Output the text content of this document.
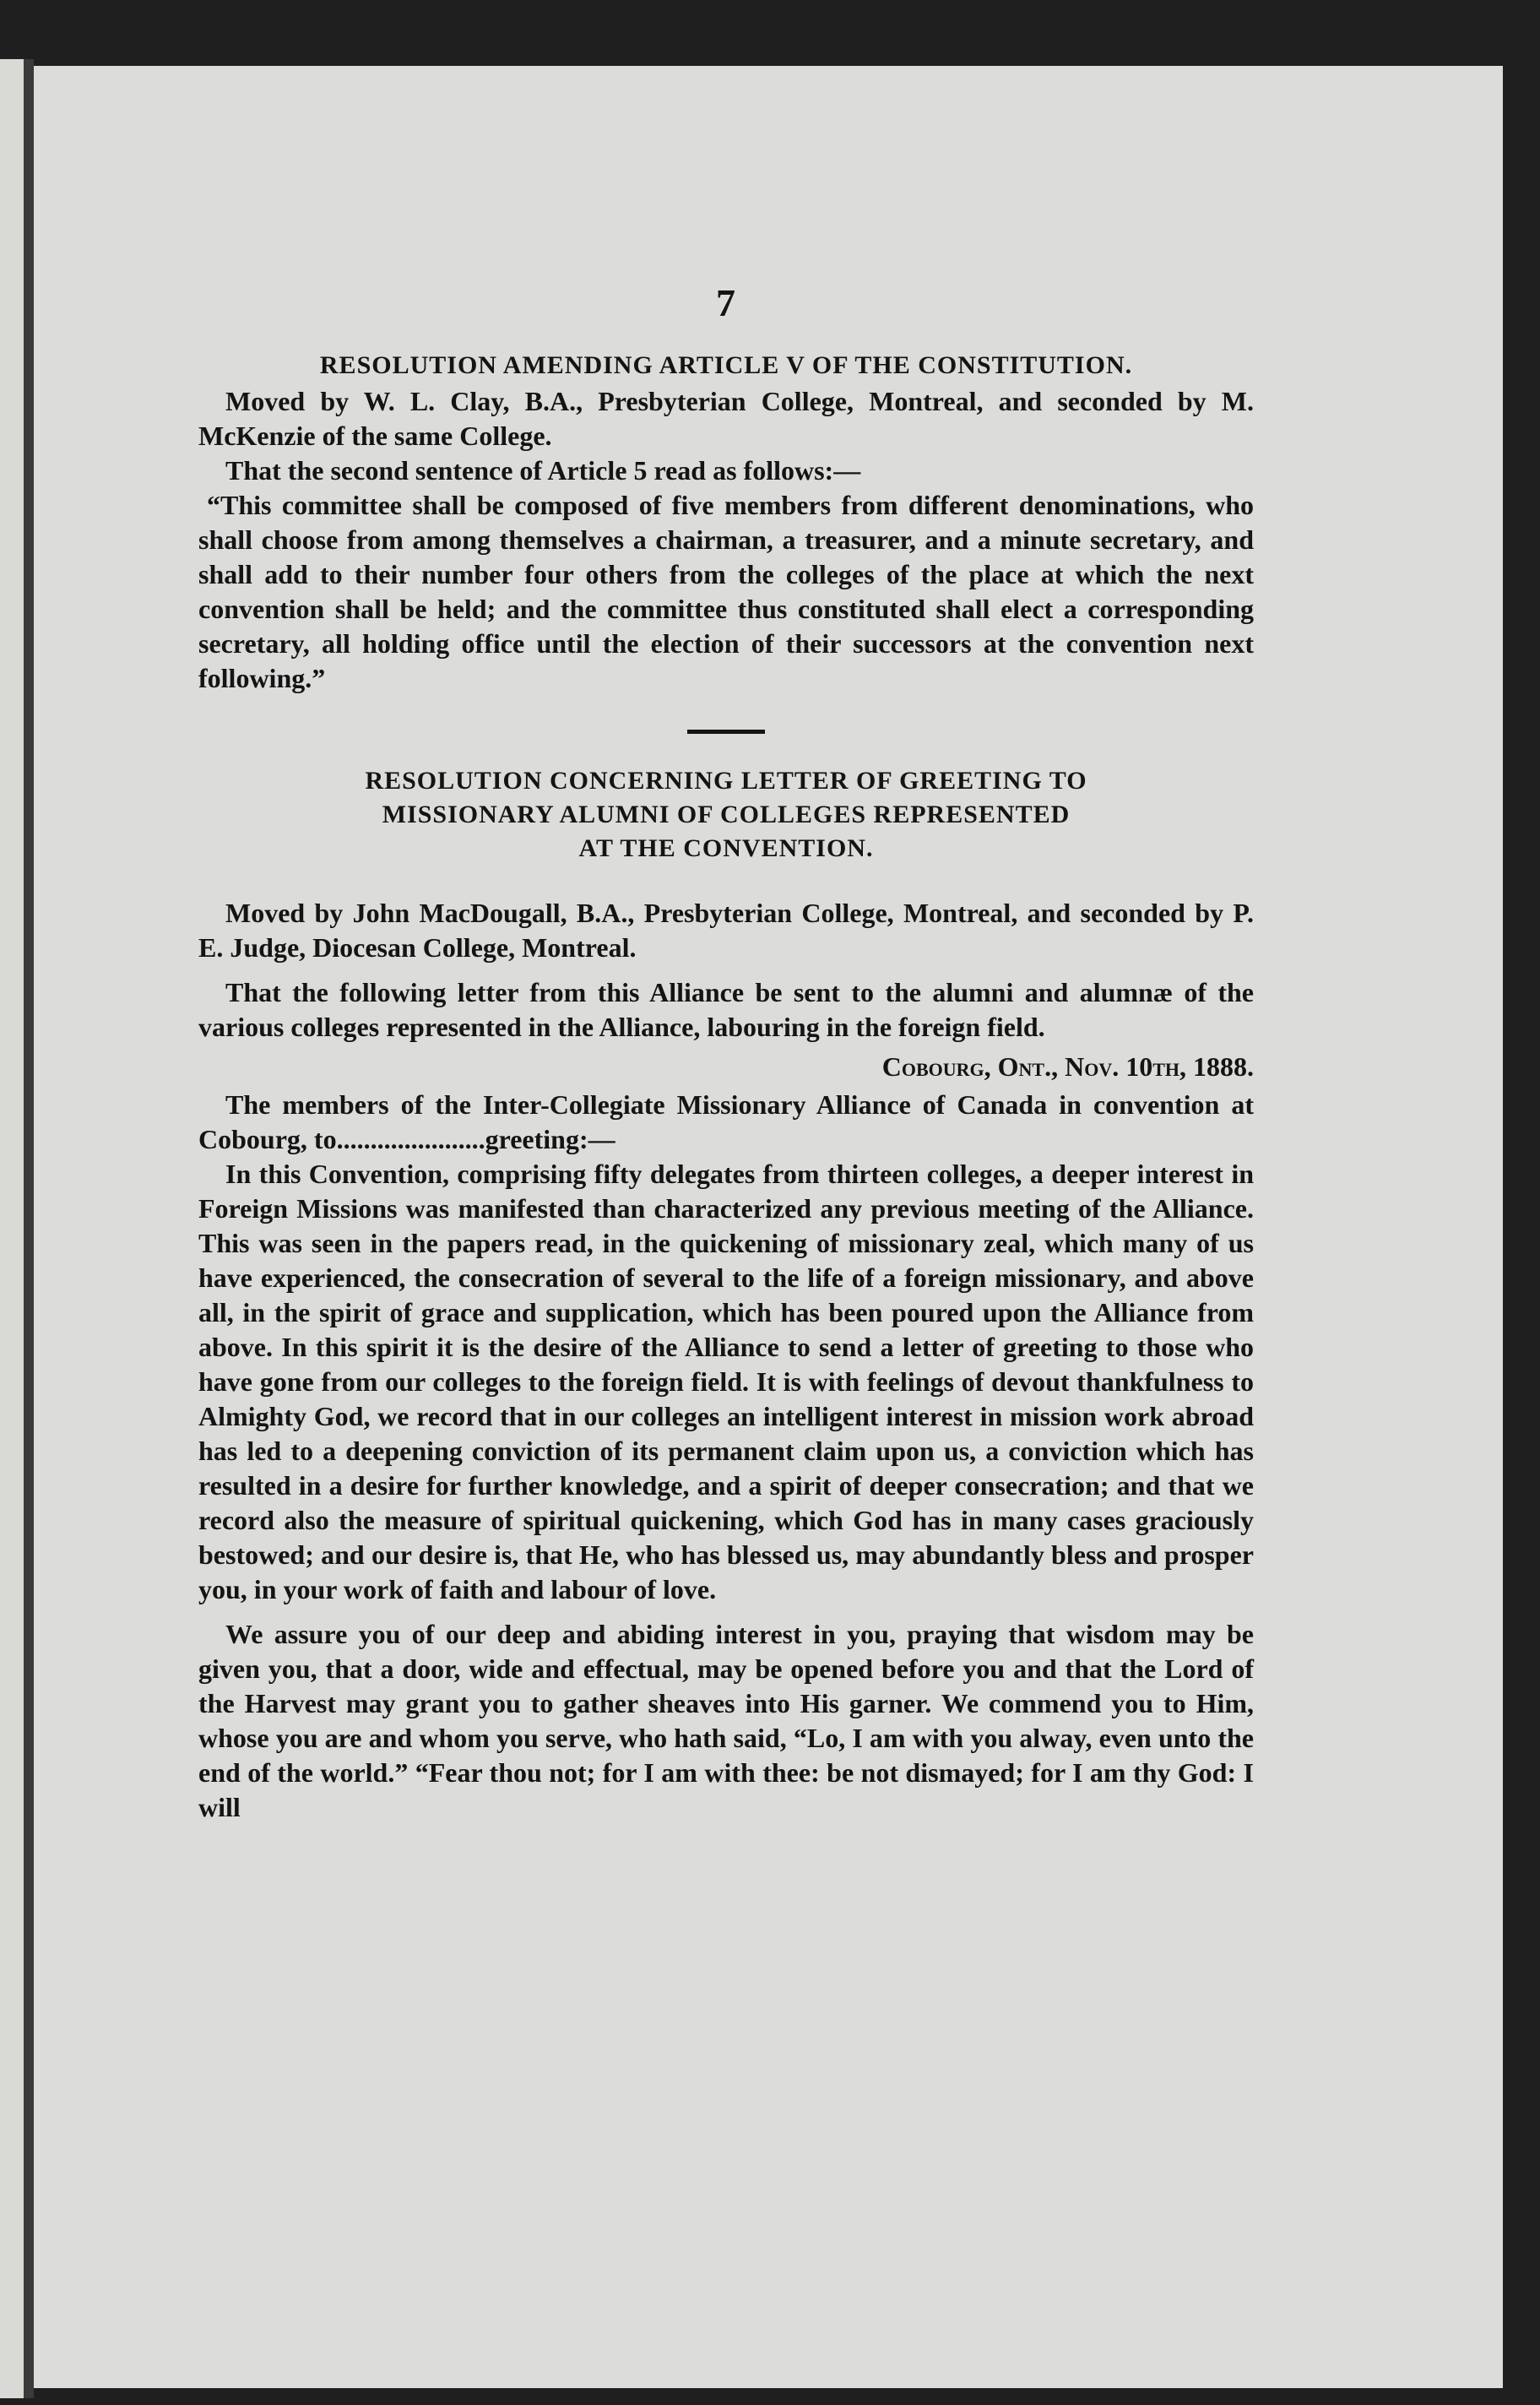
7
RESOLUTION AMENDING ARTICLE V OF THE CONSTITUTION.

Moved by W. L. Clay, B.A., Presbyterian College, Montreal, and seconded by M. McKenzie of the same College.

That the second sentence of Article 5 read as follows:—

“This committee shall be composed of five members from different denominations, who shall choose from among themselves a chairman, a treasurer, and a minute secretary, and shall add to their number four others from the colleges of the place at which the next convention shall be held; and the committee thus constituted shall elect a corresponding secretary, all holding office until the election of their successors at the convention next following.”

RESOLUTION CONCERNING LETTER OF GREETING TO
MISSIONARY ALUMNI OF COLLEGES REPRESENTED
AT THE CONVENTION.

Moved by John MacDougall, B.A., Presbyterian College, Montreal, and seconded by P. E. Judge, Diocesan College, Montreal.

That the following letter from this Alliance be sent to the alumni and alumnæ of the various colleges represented in the Alliance, labouring in the foreign field.

Cobourg, Ont., Nov. 10th, 1888.

The members of the Inter-Collegiate Missionary Alliance of Canada in convention at Cobourg, to......................greeting:—

In this Convention, comprising fifty delegates from thirteen colleges, a deeper interest in Foreign Missions was manifested than characterized any previous meeting of the Alliance. This was seen in the papers read, in the quickening of missionary zeal, which many of us have experienced, the consecration of several to the life of a foreign missionary, and above all, in the spirit of grace and supplication, which has been poured upon the Alliance from above. In this spirit it is the desire of the Alliance to send a letter of greeting to those who have gone from our colleges to the foreign field. It is with feelings of devout thankfulness to Almighty God, we record that in our colleges an intelligent interest in mission work abroad has led to a deepening conviction of its permanent claim upon us, a conviction which has resulted in a desire for further knowledge, and a spirit of deeper consecration; and that we record also the measure of spiritual quickening, which God has in many cases graciously bestowed; and our desire is, that He, who has blessed us, may abundantly bless and prosper you, in your work of faith and labour of love.

We assure you of our deep and abiding interest in you, praying that wisdom may be given you, that a door, wide and effectual, may be opened before you and that the Lord of the Harvest may grant you to gather sheaves into His garner. We commend you to Him, whose you are and whom you serve, who hath said, “Lo, I am with you alway, even unto the end of the world.” “Fear thou not; for I am with thee: be not dismayed; for I am thy God: I will
